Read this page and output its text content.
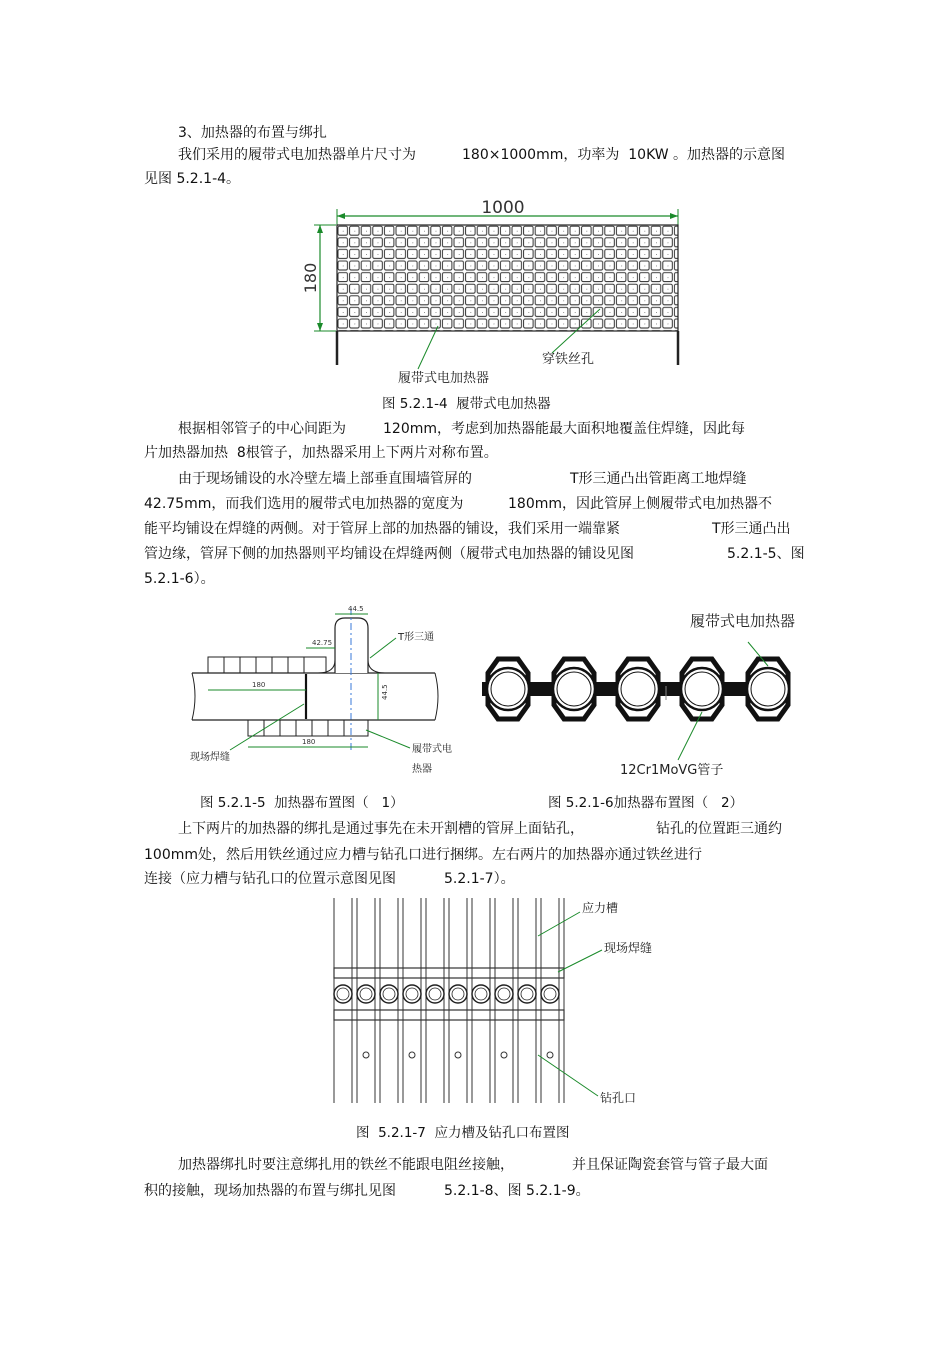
3、加热器的布置与绑扎
我们采用的履带式电加热器单片尺寸为	180×1000mm，功率为  10KW 。加热器的示意图
见图 5.2.1-4。
1000
180
履带式电加热器
穿铁丝孔
图 5.2.1-4  履带式电加热器
根据相邻管子的中心间距为	120mm，考虑到加热器能最大面积地覆盖住焊缝，因此每
片加热器加热  8根管子，加热器采用上下两片对称布置。
由于现场铺设的水冷壁左墙上部垂直围墙管屏的	T形三通凸出管距离工地焊缝
42.75mm，而我们选用的履带式电加热器的宽度为	180mm，因此管屏上侧履带式电加热器不
能平均铺设在焊缝的两侧。对于管屏上部的加热器的铺设，我们采用一端靠紧	T形三通凸出
管边缘，管屏下侧的加热器则平均铺设在焊缝两侧（履带式电加热器的铺设见图	5.2.1-5、图
5.2.1-6）。
44.5
42.75
180
180
44.5
T形三通
现场焊缝
履带式电
热器
履带式电加热器
12Cr1MoVG管子
图 5.2.1-5  加热器布置图（   1）	图 5.2.1-6加热器布置图（   2）
上下两片的加热器的绑扎是通过事先在未开割槽的管屏上面钻孔，	钻孔的位置距三通约
100mm处，然后用铁丝通过应力槽与钻孔口进行捆绑。左右两片的加热器亦通过铁丝进行
连接（应力槽与钻孔口的位置示意图见图	5.2.1-7）。
应力槽
现场焊缝
钻孔口
图  5.2.1-7  应力槽及钻孔口布置图
加热器绑扎时要注意绑扎用的铁丝不能跟电阻丝接触，	并且保证陶瓷套管与管子最大面
积的接触，现场加热器的布置与绑扎见图	5.2.1-8、图 5.2.1-9。
